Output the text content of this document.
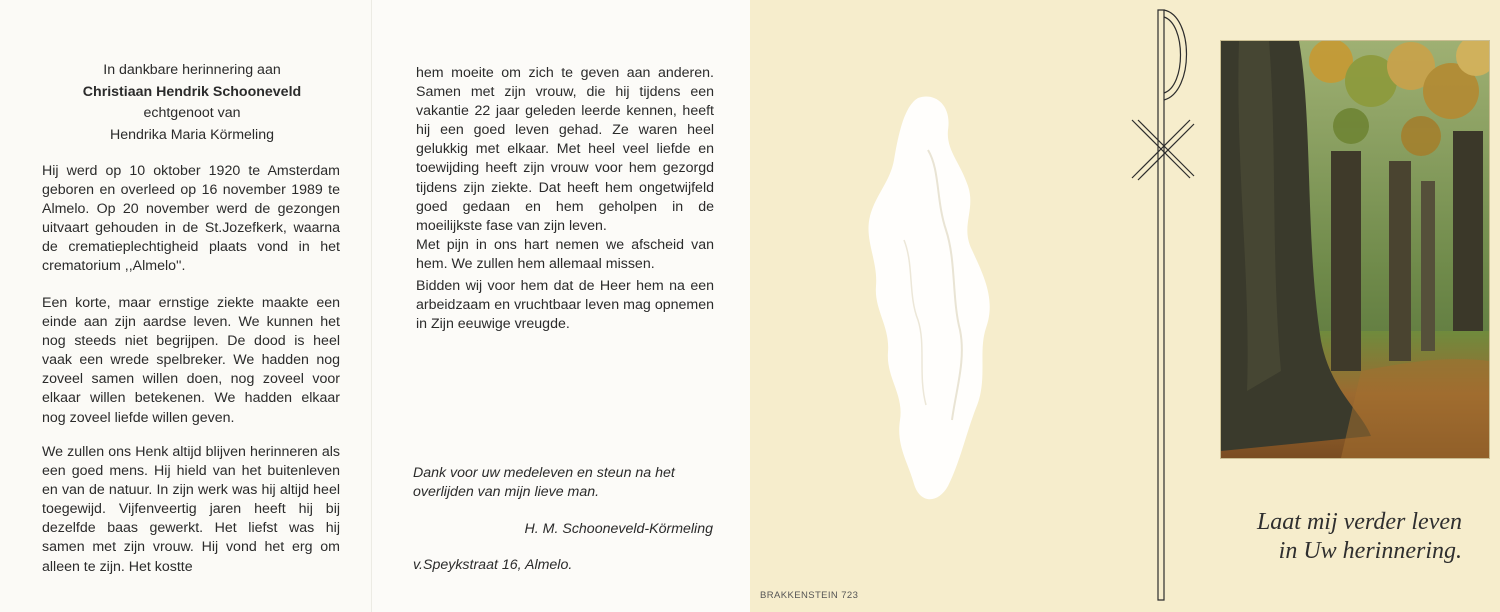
In dankbare herinnering aan
Christiaan Hendrik Schooneveld
echtgenoot van
Hendrika Maria Körmeling

Hij werd op 10 oktober 1920 te Amsterdam geboren en overleed op 16 november 1989 te Almelo. Op 20 november werd de gezongen uitvaart gehouden in de St.Jozefkerk, waarna de crematieplechtigheid plaats vond in het crematorium ,,Almelo''.

Een korte, maar ernstige ziekte maakte een einde aan zijn aardse leven. We kunnen het nog steeds niet begrijpen. De dood is heel vaak een wrede spelbreker. We hadden nog zoveel samen willen doen, nog zoveel voor elkaar willen betekenen. We hadden elkaar nog zoveel liefde willen geven.

We zullen ons Henk altijd blijven herinneren als een goed mens. Hij hield van het buitenleven en van de natuur. In zijn werk was hij altijd heel toegewijd. Vijfenveertig jaren heeft hij bij dezelfde baas gewerkt. Het liefst was hij samen met zijn vrouw. Hij vond het erg om alleen te zijn. Het kostte

hem moeite om zich te geven aan anderen. Samen met zijn vrouw, die hij tijdens een vakantie 22 jaar geleden leerde kennen, heeft hij een goed leven gehad. Ze waren heel gelukkig met elkaar. Met heel veel liefde en toewijding heeft zijn vrouw voor hem gezorgd tijdens zijn ziekte. Dat heeft hem ongetwijfeld goed gedaan en hem geholpen in de moeilijkste fase van zijn leven.

Met pijn in ons hart nemen we afscheid van hem. We zullen hem allemaal missen.

Bidden wij voor hem dat de Heer hem na een arbeidzaam en vruchtbaar leven mag opnemen in Zijn eeuwige vreugde.

Dank voor uw medeleven en steun na het overlijden van mijn lieve man.
H. M. Schooneveld-Körmeling
v.Speykstraat 16, Almelo.
Laat mij verder leven
in Uw herinnering.
BRAKKENSTEIN 723
